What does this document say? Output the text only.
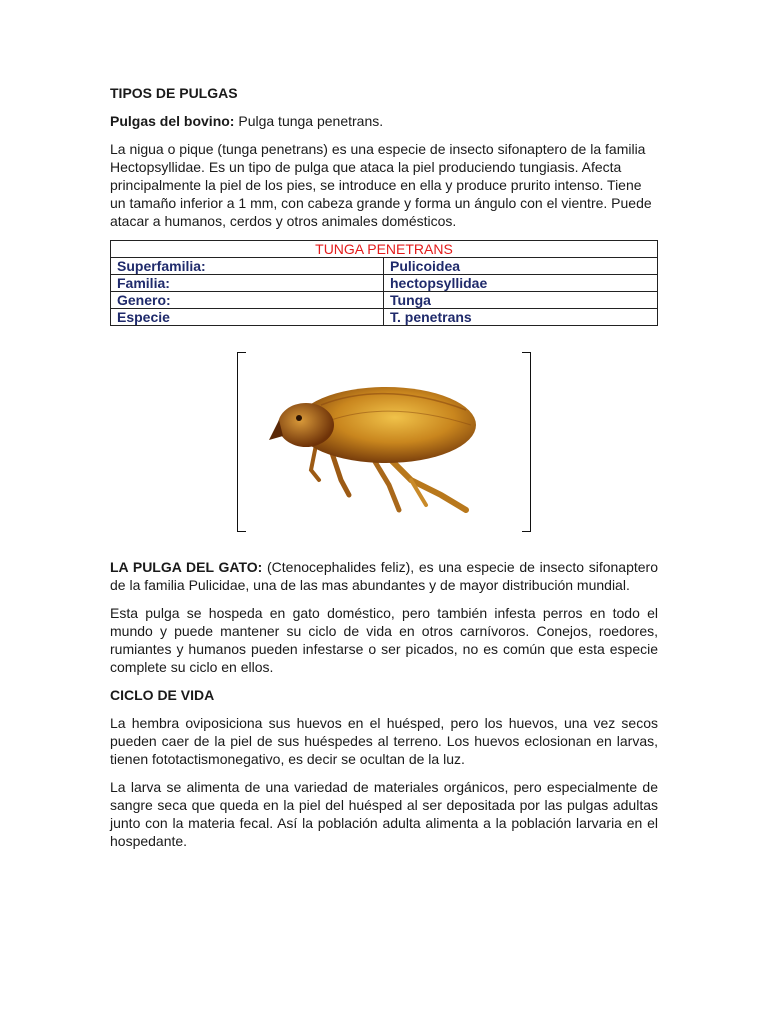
TIPOS DE PULGAS

Pulgas del bovino: Pulga tunga penetrans.

La nigua o pique (tunga penetrans) es una especie de insecto sifonaptero de la familia Hectopsyllidae. Es un tipo de pulga que ataca la piel produciendo tungiasis. Afecta principalmente la piel de los pies, se introduce en ella y produce prurito intenso. Tiene un tamaño inferior a 1 mm, con cabeza grande y forma un ángulo con el vientre. Puede atacar a humanos, cerdos y otros animales domésticos.

TUNGA PENETRANS	
Superfamilia:	Pulicoidea
Familia:	hectopsyllidae
Genero:	Tunga
Especie	T. penetrans

LA PULGA DEL GATO: (Ctenocephalides feliz), es una especie de insecto sifonaptero de la familia Pulicidae, una de las mas abundantes y de mayor distribución mundial.

Esta pulga se hospeda en gato doméstico, pero también infesta perros en todo el mundo y puede mantener su ciclo de vida en otros carnívoros. Conejos, roedores, rumiantes y humanos pueden infestarse o ser picados, no es común que esta especie complete su ciclo en ellos.

CICLO DE VIDA

La hembra oviposiciona sus huevos en el huésped, pero los huevos, una vez secos pueden caer de la piel de sus huéspedes al terreno. Los huevos eclosionan en larvas, tienen fototactismonegativo, es decir se ocultan de la luz.

La larva se alimenta de una variedad de materiales orgánicos, pero especialmente de sangre seca que queda en la piel del huésped al ser depositada por las pulgas adultas junto con la materia fecal. Así la población adulta alimenta a la población larvaria en el hospedante.
